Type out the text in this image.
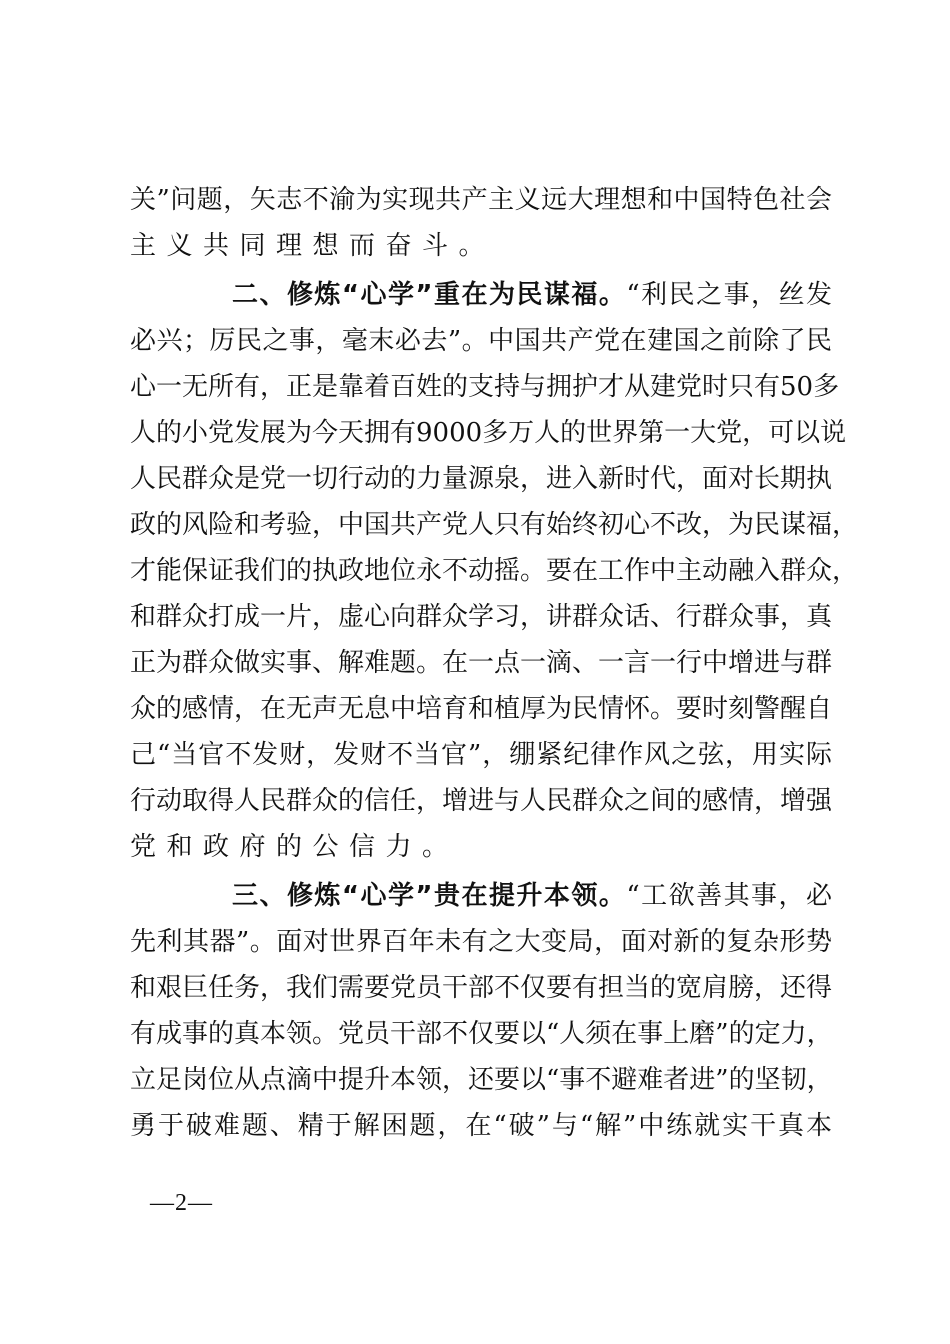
关”问题，矢志不渝为实现共产主义远大理想和中国特色社会
主义共同理想而奋斗。
二、修炼“心学”重在为民谋福。“利民之事，丝发
必兴；厉民之事，毫末必去”。中国共产党在建国之前除了民
心一无所有，正是靠着百姓的支持与拥护才从建党时只有50多
人的小党发展为今天拥有9000多万人的世界第一大党，可以说
人民群众是党一切行动的力量源泉，进入新时代，面对长期执
政的风险和考验，中国共产党人只有始终初心不改，为民谋福，
才能保证我们的执政地位永不动摇。要在工作中主动融入群众，
和群众打成一片，虚心向群众学习，讲群众话、行群众事，真
正为群众做实事、解难题。在一点一滴、一言一行中增进与群
众的感情，在无声无息中培育和植厚为民情怀。要时刻警醒自
己“当官不发财，发财不当官”，绷紧纪律作风之弦，用实际
行动取得人民群众的信任，增进与人民群众之间的感情，增强
党和政府的公信力。
三、修炼“心学”贵在提升本领。“工欲善其事，必
先利其器”。面对世界百年未有之大变局，面对新的复杂形势
和艰巨任务，我们需要党员干部不仅要有担当的宽肩膀，还得
有成事的真本领。党员干部不仅要以“人须在事上磨”的定力，
立足岗位从点滴中提升本领，还要以“事不避难者进”的坚韧，
勇于破难题、精于解困题，在“破”与“解”中练就实干真本
—2—
